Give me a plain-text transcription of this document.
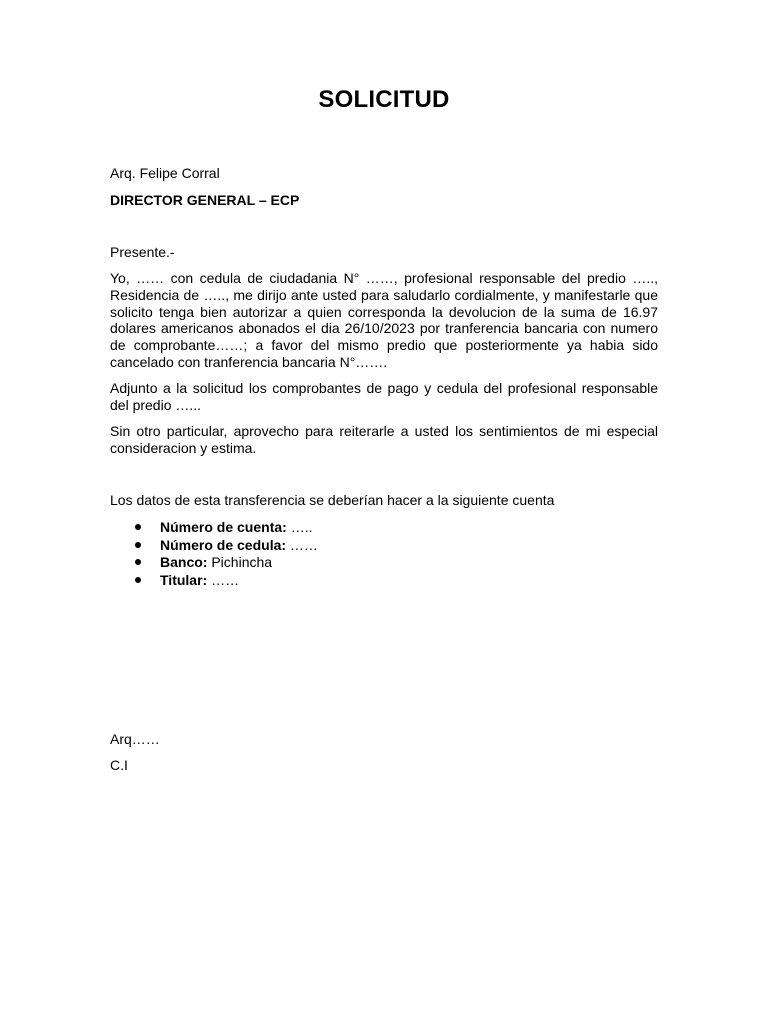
SOLICITUD
Arq. Felipe Corral
DIRECTOR GENERAL – ECP
Presente.-
Yo, …… con cedula de ciudadania N° ……, profesional responsable del predio ….., Residencia de ….., me dirijo ante usted para saludarlo cordialmente, y manifestarle que solicito tenga bien autorizar a quien corresponda la devolucion de la suma de 16.97 dolares americanos abonados el dia 26/10/2023 por tranferencia bancaria con numero de comprobante……; a favor del mismo predio que posteriormente ya habia sido cancelado con tranferencia bancaria N°…….
Adjunto a la solicitud los comprobantes de pago y cedula del profesional responsable del predio …...
Sin otro particular, aprovecho para reiterarle a usted los sentimientos de mi especial consideracion y estima.
Los datos de esta transferencia se deberían hacer a la siguiente cuenta
Número de cuenta: …..
Número de cedula: ……
Banco: Pichincha
Titular: ……
Arq……
C.I
